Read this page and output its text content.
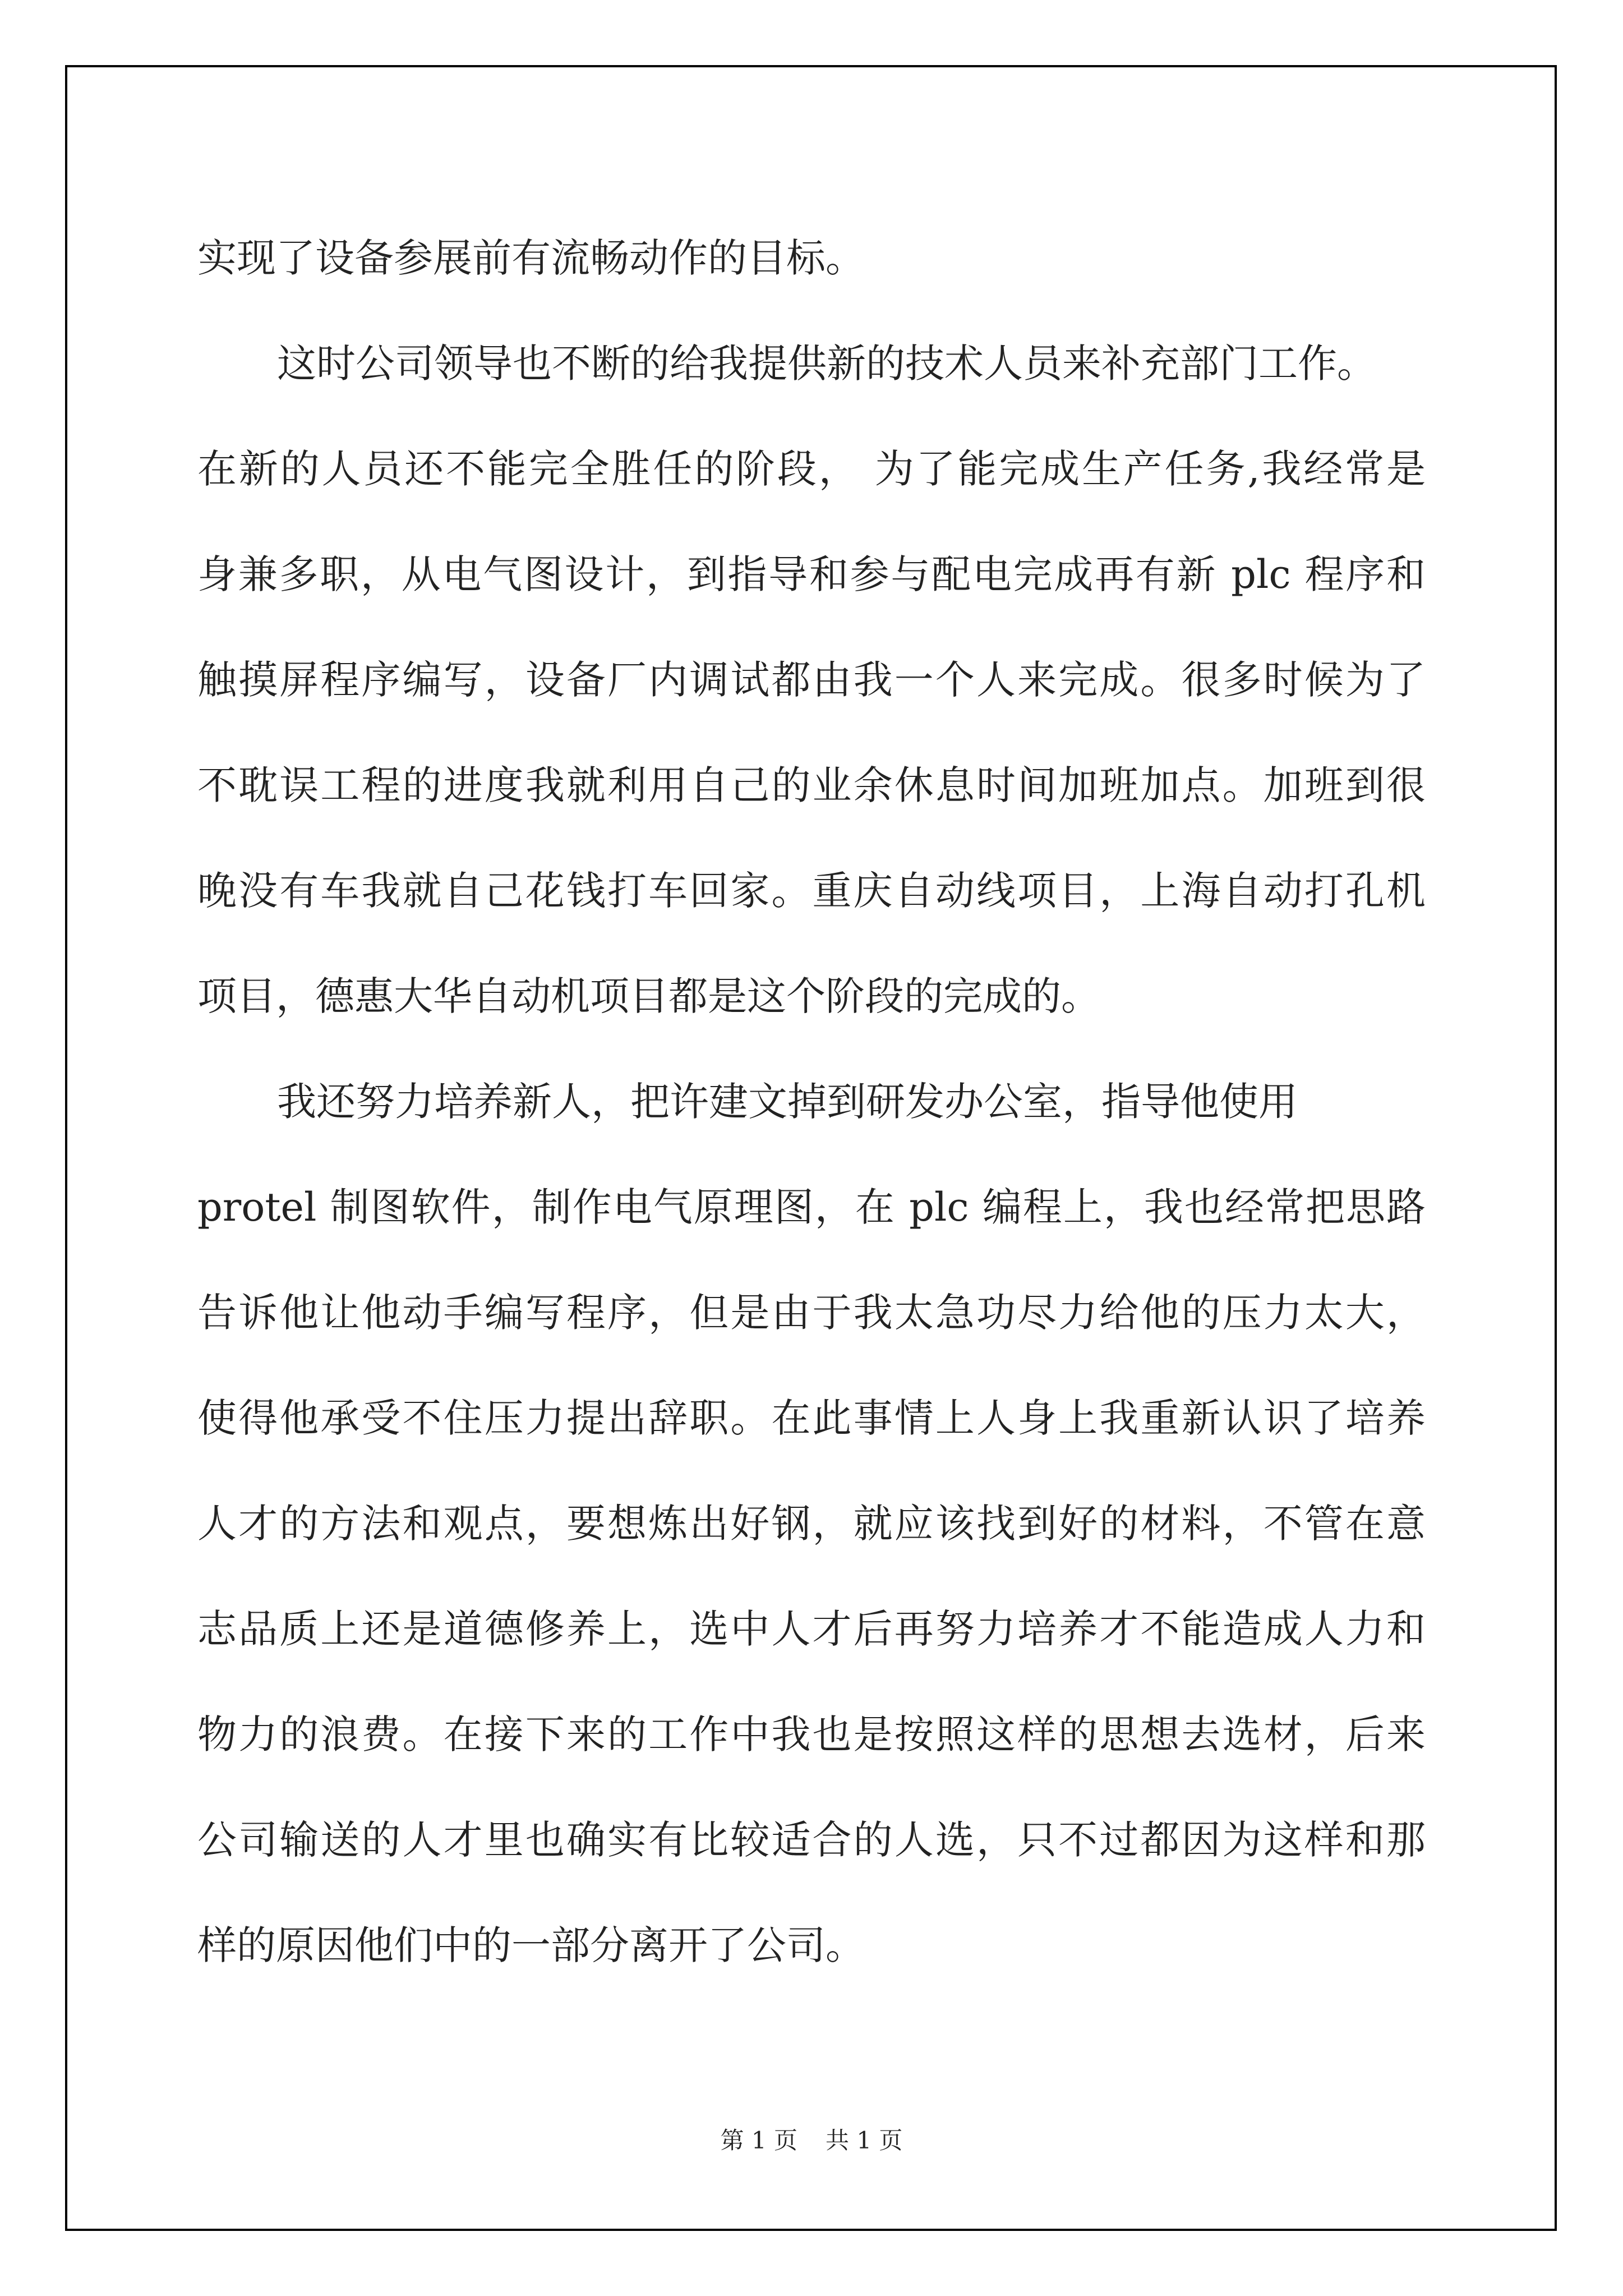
实现了设备参展前有流畅动作的目标。
这时公司领导也不断的给我提供新的技术人员来补充部门工作。
在新的人员还不能完全胜任的阶段， 为了能完成生产任务,我经常是
身兼多职，从电气图设计，到指导和参与配电完成再有新 plc 程序和
触摸屏程序编写，设备厂内调试都由我一个人来完成。很多时候为了
不耽误工程的进度我就利用自己的业余休息时间加班加点。加班到很
晚没有车我就自己花钱打车回家。重庆自动线项目，上海自动打孔机
项目，德惠大华自动机项目都是这个阶段的完成的。
我还努力培养新人，把许建文掉到研发办公室，指导他使用
protel 制图软件，制作电气原理图，在 plc 编程上，我也经常把思路
告诉他让他动手编写程序，但是由于我太急功尽力给他的压力太大，
使得他承受不住压力提出辞职。在此事情上人身上我重新认识了培养
人才的方法和观点，要想炼出好钢，就应该找到好的材料，不管在意
志品质上还是道德修养上，选中人才后再努力培养才不能造成人力和
物力的浪费。在接下来的工作中我也是按照这样的思想去选材，后来
公司输送的人才里也确实有比较适合的人选，只不过都因为这样和那
样的原因他们中的一部分离开了公司。
第 1 页 共 1 页
